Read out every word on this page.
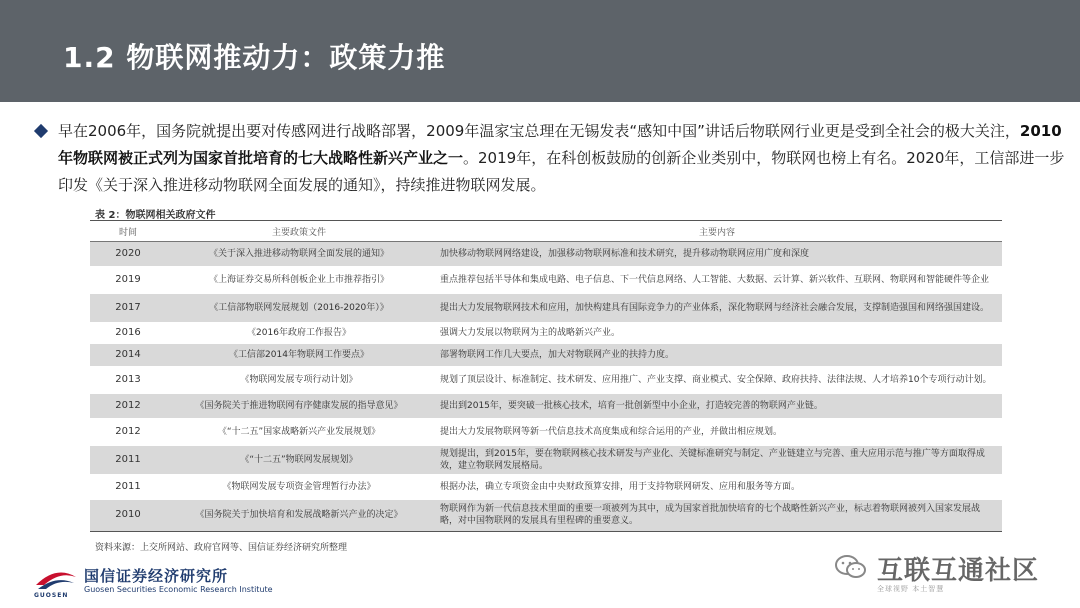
1.2 物联网推动力：政策力推
早在2006年，国务院就提出要对传感网进行战略部署，2009年温家宝总理在无锡发表“感知中国”讲话后物联网行业更是受到全社会的极大关注，2010年物联网被正式列为国家首批培育的七大战略性新兴产业之一。2019年，在科创板鼓励的创新企业类别中，物联网也榜上有名。2020年，工信部进一步印发《关于深入推进移动物联网全面发展的通知》，持续推进物联网发展。
表 2：物联网相关政府文件
时间	主要政策文件	主要内容
2020	《关于深入推进移动物联网全面发展的通知》	加快移动物联网网络建设，加强移动物联网标准和技术研究，提升移动物联网应用广度和深度
2019	《上海证券交易所科创板企业上市推荐指引》	重点推荐包括半导体和集成电路、电子信息、下一代信息网络、人工智能、大数据、云计算、新兴软件、互联网、物联网和智能硬件等企业
2017	《工信部物联网发展规划（2016-2020年）》	提出大力发展物联网技术和应用，加快构建具有国际竞争力的产业体系，深化物联网与经济社会融合发展，支撑制造强国和网络强国建设。
2016	《2016年政府工作报告》	强调大力发展以物联网为主的战略新兴产业。
2014	《工信部2014年物联网工作要点》	部署物联网工作几大要点，加大对物联网产业的扶持力度。
2013	《物联网发展专项行动计划》	规划了顶层设计、标准制定、技术研发、应用推广、产业支撑、商业模式、安全保障、政府扶持、法律法规、人才培养10个专项行动计划。
2012	《国务院关于推进物联网有序健康发展的指导意见》	提出到2015年，要突破一批核心技术，培育一批创新型中小企业，打造较完善的物联网产业链。
2012	《“十二五”国家战略新兴产业发展规划》	提出大力发展物联网等新一代信息技术高度集成和综合运用的产业，并做出相应规划。
2011	《“十二五”物联网发展规划》	规划提出，到2015年，要在物联网核心技术研发与产业化、关键标准研究与制定、产业链建立与完善、重大应用示范与推广等方面取得成效，建立物联网发展格局。
2011	《物联网发展专项资金管理暂行办法》	根据办法，确立专项资金由中央财政预算安排，用于支持物联网研发、应用和服务等方面。
2010	《国务院关于加快培育和发展战略新兴产业的决定》	物联网作为新一代信息技术里面的重要一项被列为其中，成为国家首批加快培育的七个战略性新兴产业，标志着物联网被列入国家发展战略，对中国物联网的发展具有里程碑的重要意义。
资料来源：上交所网站、政府官网等、国信证券经济研究所整理
国信证券经济研究所
Guosen Securities Economic Research Institute
GUOSEN
互联互通社区
全球视野 本土智慧
